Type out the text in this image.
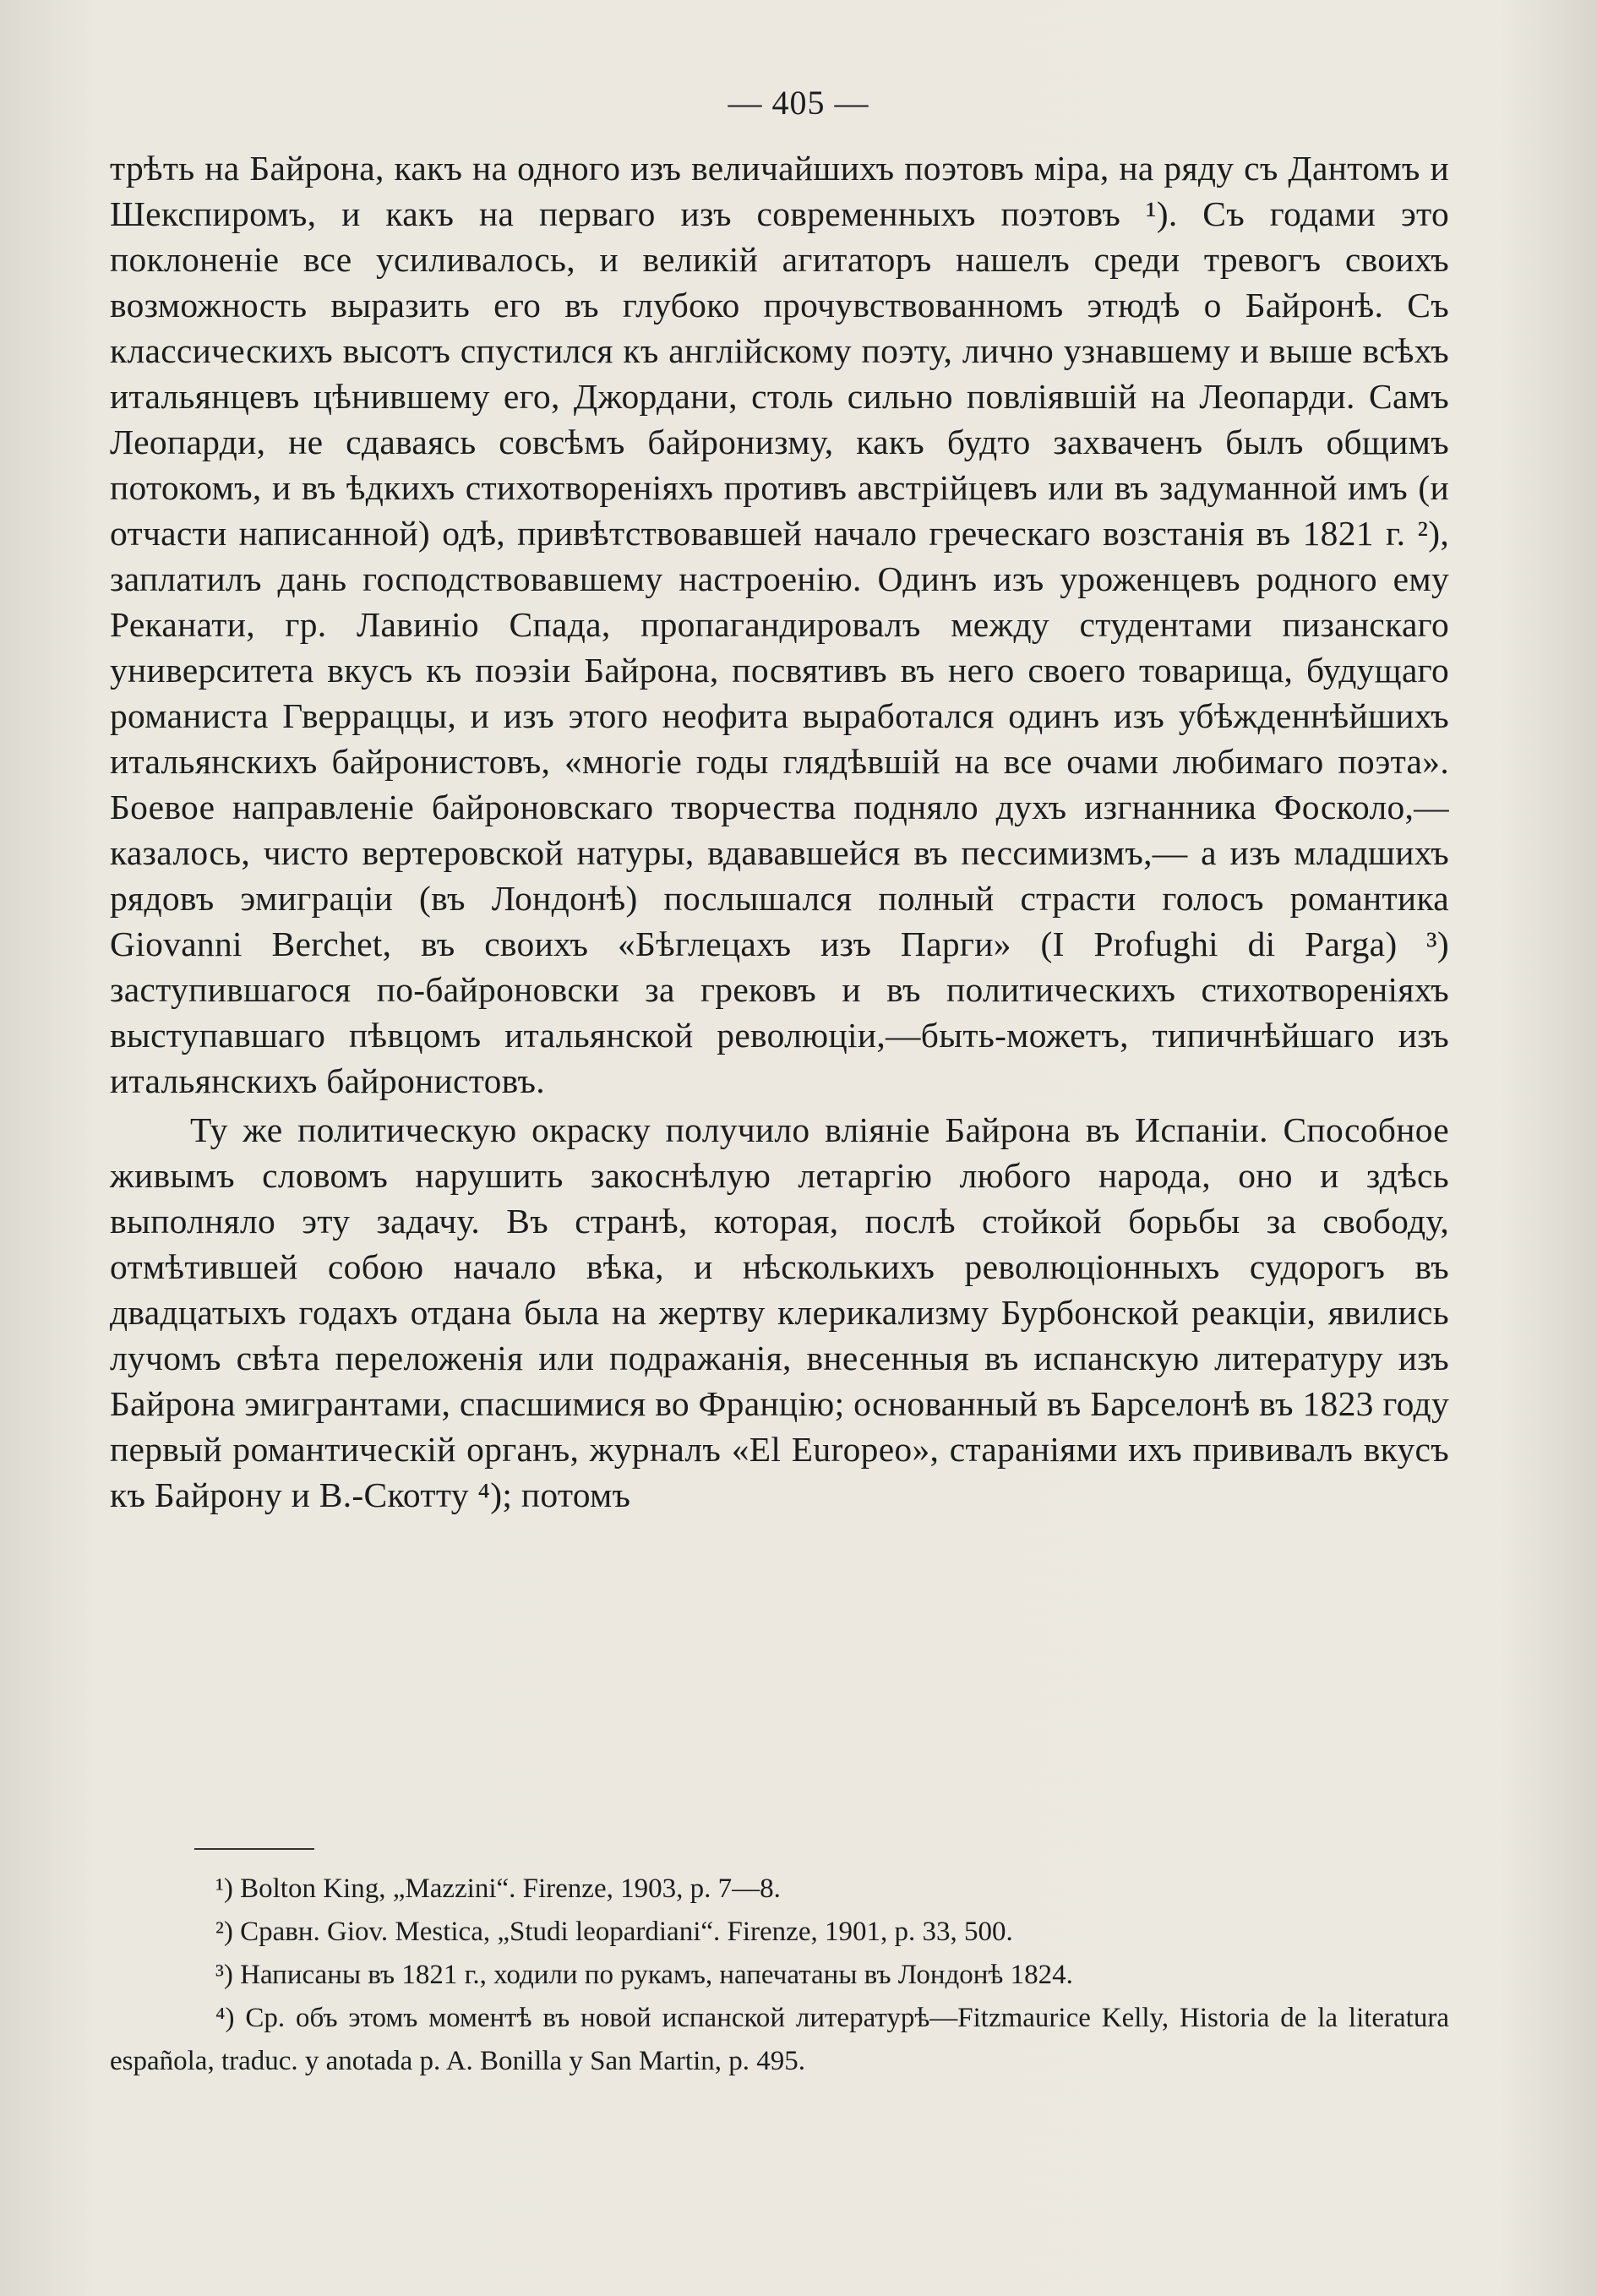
— 405 —

трѣть на Байрона, какъ на одного изъ величайшихъ поэтовъ міра, на ряду съ Дантомъ и Шекспиромъ, и какъ на перваго изъ современныхъ поэтовъ ¹). Съ годами это поклоненіе все усиливалось, и великій агитаторъ нашелъ среди тревогъ своихъ возможность выразить его въ глубоко прочувствованномъ этюдѣ о Байронѣ. Съ классическихъ высотъ спустился къ англійскому поэту, лично узнавшему и выше всѣхъ итальянцевъ цѣнившему его, Джордани, столь сильно повліявшій на Леопарди. Самъ Леопарди, не сдаваясь совсѣмъ байронизму, какъ будто захваченъ былъ общимъ потокомъ, и въ ѣдкихъ стихотвореніяхъ противъ австрійцевъ или въ задуманной имъ (и отчасти написанной) одѣ, привѣтствовавшей начало греческаго возстанія въ 1821 г. ²), заплатилъ дань господствовавшему настроенію. Одинъ изъ уроженцевъ родного ему Реканати, гр. Лавиніо Спада, пропагандировалъ между студентами пизанскаго университета вкусъ къ поэзіи Байрона, посвятивъ въ него своего товарища, будущаго романиста Гверраццы, и изъ этого неофита выработался одинъ изъ убѣжденнѣйшихъ итальянскихъ байронистовъ, «многіе годы глядѣвшій на все очами любимаго поэта». Боевое направленіе байроновскаго творчества подняло духъ изгнанника Фосколо,—казалось, чисто вертеровской натуры, вдававшейся въ пессимизмъ,— а изъ младшихъ рядовъ эмиграціи (въ Лондонѣ) послышался полный страсти голосъ романтика Giovanni Berchet, въ своихъ «Бѣглецахъ изъ Парги» (I Profughi di Parga) ³) заступившагося по-байроновски за грековъ и въ политическихъ стихотвореніяхъ выступавшаго пѣвцомъ итальянской революціи,—быть-можетъ, типичнѣйшаго изъ итальянскихъ байронистовъ.

Ту же политическую окраску получило вліяніе Байрона въ Испаніи. Способное живымъ словомъ нарушить закоснѣлую летаргію любого народа, оно и здѣсь выполняло эту задачу. Въ странѣ, которая, послѣ стойкой борьбы за свободу, отмѣтившей собою начало вѣка, и нѣсколькихъ революціонныхъ судорогъ въ двадцатыхъ годахъ отдана была на жертву клерикализму Бурбонской реакціи, явились лучомъ свѣта переложенія или подражанія, внесенныя въ испанскую литературу изъ Байрона эмигрантами, спасшимися во Францію; основанный въ Барселонѣ въ 1823 году первый романтическій органъ, журналъ «El Europeo», стараніями ихъ прививалъ вкусъ къ Байрону и В.-Скотту ⁴); потомъ

¹) Bolton King, „Mazzini“. Firenze, 1903, p. 7—8.

²) Сравн. Giov. Mestica, „Studi leopardiani“. Firenze, 1901, p. 33, 500.

³) Написаны въ 1821 г., ходили по рукамъ, напечатаны въ Лондонѣ 1824.

⁴) Ср. объ этомъ моментѣ въ новой испанской литературѣ—Fitzmaurice Kelly, Historia de la literatura española, traduc. y anotada p. A. Bonilla y San Martin, p. 495.
